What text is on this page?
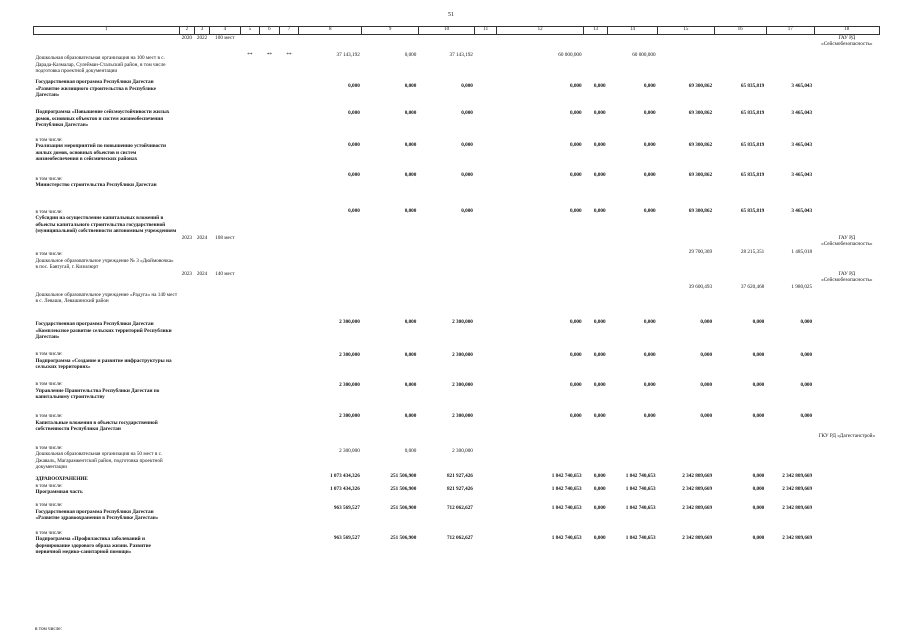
51
1	2	3	4	5	6	7	8	9	10	11	12	13	14	15	16	17	18

Дошкольная образовательная организация на 100 мест в с. Дарада-Казмалар, Сулейман-Стальский район, в том числе подготовка проектной документации	2020	2022	100 мест	**	**	**	37 143,192	0,000	37 143,192		60 000,000		60 000,000				ГАУ РД «Сейсмобезопасность»

Государственная программа Республики Дагестан «Развитие жилищного строительства в Республике Дагестан»							0,000	0,000	0,000		0,000	0,000	0,000	69 300,862	65 835,819	3 465,043	

Подпрограмма «Повышение сейсмоустойчивости жилых домов, основных объектов и систем жизнеобеспечения Республики Дагестан»							0,000	0,000	0,000		0,000	0,000	0,000	69 300,862	65 835,819	3 465,043	

в том числе:
Реализация мероприятий по повышению устойчивости жилых домов, основных объектов и систем жизнеобеспечения в сейсмических районах							0,000	0,000	0,000		0,000	0,000	0,000	69 300,862	65 835,819	3 465,043	

в том числе:
Министерство строительства Республики Дагестан							0,000	0,000	0,000		0,000	0,000	0,000	69 300,862	65 835,819	3 465,043	

в том числе:
Субсидии на осуществление капитальных вложений в объекты капитального строительства государственной (муниципальной) собственности автономным учреждениям							0,000	0,000	0,000		0,000	0,000	0,000	69 300,862	65 835,819	3 465,043	

в том числе:
Дошкольное образовательное учреждение № 3 «Дюймовочка» в пос. Бавтугай, г. Кизилюрт	2023	2024	108 мест											29 700,369	28 215,351	1 485,018	ГАУ РД «Сейсмобезопасность»

Дошкольное образовательное учреждение «Радуга» на 140 мест в с. Леваши, Левашинский район	2023	2024	140 мест											39 600,493	37 620,468	1 980,025	ГАУ РД «Сейсмобезопасность»

Государственная программа Республики Дагестан «Комплексное развитие сельских территорий Республики Дагестан»							2 300,000	0,000	2 300,000		0,000	0,000	0,000	0,000	0,000	0,000	

в том числе:
Подпрограмма «Создание и развитие инфраструктуры на сельских территориях»							2 300,000	0,000	2 300,000		0,000	0,000	0,000	0,000	0,000	0,000	

в том числе:
Управление Правительства Республики Дагестан по капитальному строительству							2 300,000	0,000	2 300,000		0,000	0,000	0,000	0,000	0,000	0,000	

в том числе:
Капитальные вложения в объекты государственной собственности Республики Дагестан							2 300,000	0,000	2 300,000		0,000	0,000	0,000	0,000	0,000	0,000	

в том числе:
Дошкольная образовательная организация на 50 мест в с. Джаваль, Магарамкентский район, подготовка проектной документации							2 300,000	0,000	2 300,000								ГКУ РД «Дагестанстрой»

ЗДРАВООХРАНЕНИЕ							1 073 434,326	251 506,900	821 927,426		1 842 740,653	0,000	1 842 740,653	2 342 809,669	0,000	2 342 809,669	

в том числе:
Программная часть							1 073 434,326	251 506,900	821 927,426		1 842 740,653	0,000	1 842 740,653	2 342 809,669	0,000	2 342 809,669	

в том числе:
Государственная программа Республики Дагестан «Развитие здравоохранения в Республике Дагестан»							963 569,527	251 506,900	712 062,627		1 842 740,653	0,000	1 842 740,653	2 342 809,669	0,000	2 342 809,669	

в том числе:
Подпрограмма «Профилактика заболеваний и формирование здорового образа жизни. Развитие первичной медико-санитарной помощи»							963 569,527	251 506,900	712 062,627		1 842 740,653	0,000	1 842 740,653	2 342 809,669	0,000	2 342 809,669	
в том числе:
